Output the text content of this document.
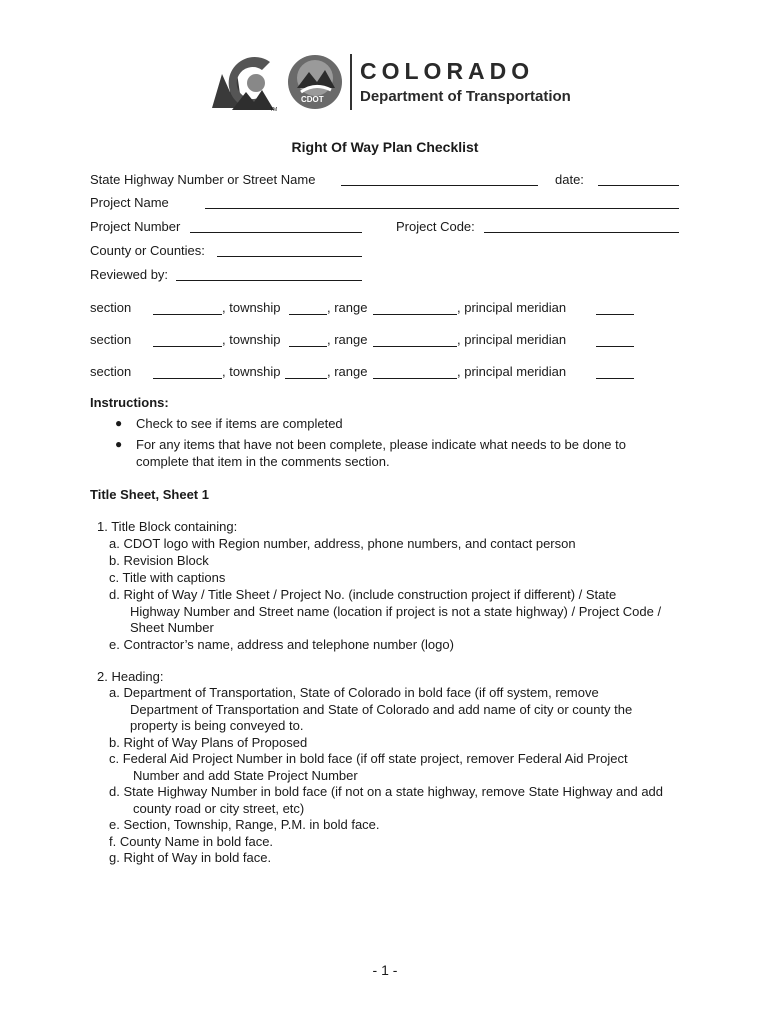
TM
CDOT
COLORADO
Department of Transportation
Right Of Way Plan Checklist
State Highway Number or Street Name	date:
Project Name
Project Number	Project Code:
County or Counties:
Reviewed by:
section	, township	, range	, principal meridian
section	, township	, range	, principal meridian
section	, township	, range	, principal meridian
Instructions:
● Check to see if items are completed
● For any items that have not been complete, please indicate what needs to be done to
complete that item in the comments section.
Title Sheet, Sheet 1
1. Title Block containing:
a. CDOT logo with Region number, address, phone numbers, and contact person
b. Revision Block
c. Title with captions
d. Right of Way / Title Sheet / Project No. (include construction project if different) / State
Highway Number and Street name (location if project is not a state highway) / Project Code /
Sheet Number
e. Contractor’s name, address and telephone number (logo)
2. Heading:
a. Department of Transportation, State of Colorado in bold face (if off system, remove
Department of Transportation and State of Colorado and add name of city or county the
property is being conveyed to.
b. Right of Way Plans of Proposed
c. Federal Aid Project Number in bold face (if off state project, remover Federal Aid Project
Number and add State Project Number
d. State Highway Number in bold face (if not on a state highway, remove State Highway and add
county road or city street, etc)
e. Section, Township, Range, P.M. in bold face.
f. County Name in bold face.
g. Right of Way in bold face.
- 1 -
